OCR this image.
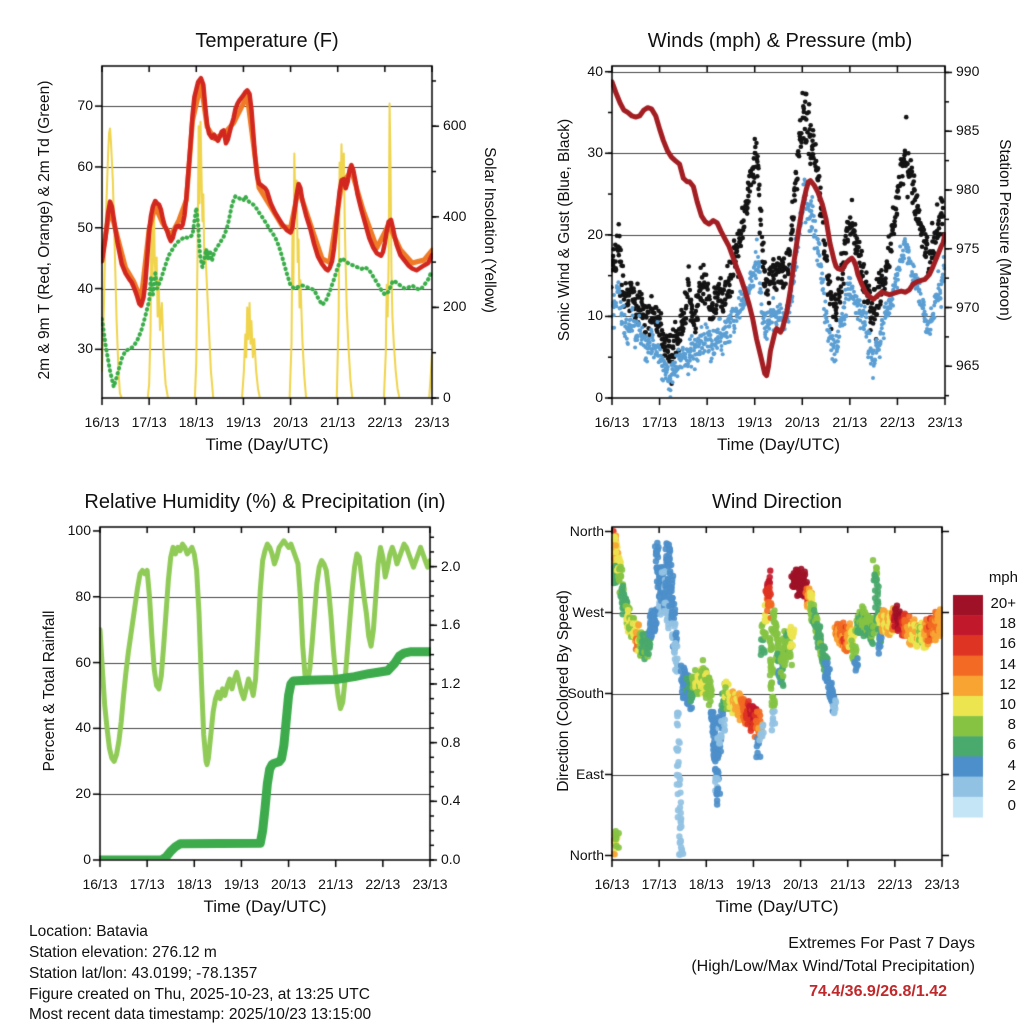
Temperature (F)	Winds (mph) & Pressure (mb)
Relative Humidity (%) & Precipitation (in)	Wind Direction
Time (Day/UTC)	Time (Day/UTC)
Time (Day/UTC)	Time (Day/UTC)
2m & 9m T (Red, Orange) & 2m Td (Green)	Solar Insolation (Yellow)	Sonic Wind & Gust (Blue, Black)	Station Pressure (Maroon)
Percent & Total Rainfall	Direction (Colored By Speed)
mph
Extremes For Past 7 Days
(High/Low/Max Wind/Total Precipitation)
74.4/36.9/26.8/1.42
Location: Batavia
Station elevation: 276.12 m
Station lat/lon: 43.0199; -78.1357
Figure created on Thu, 2025-10-23, at 13:25 UTC
Most recent data timestamp: 2025/10/23 13:15:00
16/13 17/13 18/13 19/13 20/13 21/13 22/13 23/13
30
40
50
60
70
0
200
400
600
16/13 17/13 18/13 19/13 20/13 21/13 22/13 23/13
0
10
20
30
40
965
970
975
980
985
990
16/13 17/13 18/13 19/13 20/13 21/13 22/13 23/13
0
20
40
60
80
100
0.0
0.4
0.8
1.2
1.6
2.0
16/13 17/13 18/13 19/13 20/13 21/13 22/13 23/13
North
West
South
East
North
20+
18
16
14
12
10
8
6
4
2
0
